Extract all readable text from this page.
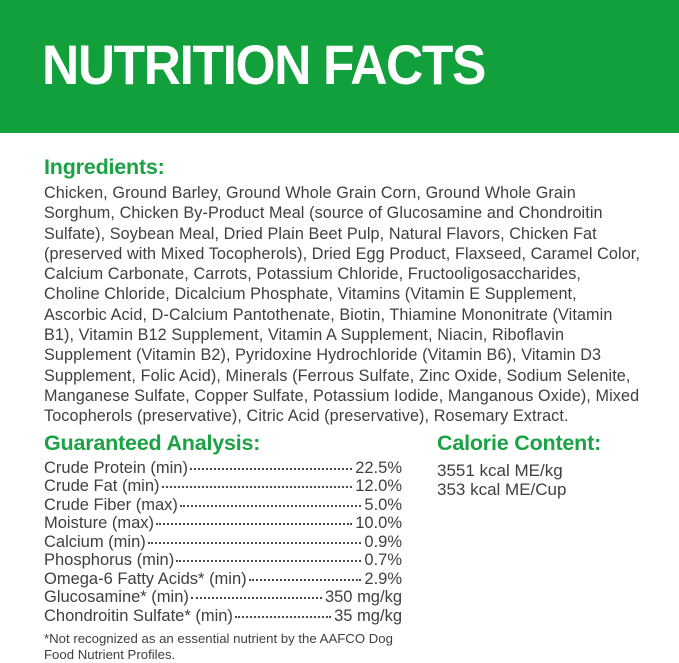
NUTRITION FACTS
Ingredients:

Chicken, Ground Barley, Ground Whole Grain Corn, Ground Whole Grain Sorghum, Chicken By-Product Meal (source of Glucosamine and Chondroitin Sulfate), Soybean Meal, Dried Plain Beet Pulp, Natural Flavors, Chicken Fat (preserved with Mixed Tocopherols), Dried Egg Product, Flaxseed, Caramel Color, Calcium Carbonate, Carrots, Potassium Chloride, Fructooligosaccharides, Choline Chloride, Dicalcium Phosphate, Vitamins (Vitamin E Supplement, Ascorbic Acid, D-Calcium Pantothenate, Biotin, Thiamine Mononitrate (Vitamin B1), Vitamin B12 Supplement, Vitamin A Supplement, Niacin, Riboflavin Supplement (Vitamin B2), Pyridoxine Hydrochloride (Vitamin B6), Vitamin D3 Supplement, Folic Acid), Minerals (Ferrous Sulfate, Zinc Oxide, Sodium Selenite, Manganese Sulfate, Copper Sulfate, Potassium Iodide, Manganous Oxide), Mixed Tocopherols (preservative), Citric Acid (preservative), Rosemary Extract.

Guaranteed Analysis:
Crude Protein (min)	22.5%
Crude Fat (min)	12.0%
Crude Fiber (max)	5.0%
Moisture (max)	10.0%
Calcium (min)	0.9%
Phosphorus (min)	0.7%
Omega-6 Fatty Acids* (min)	2.9%
Glucosamine* (min)	350 mg/kg
Chondroitin Sulfate* (min)	35 mg/kg

*Not recognized as an essential nutrient by the AAFCO Dog Food Nutrient Profiles.

Calorie Content:

3551 kcal ME/kg

353 kcal ME/Cup
